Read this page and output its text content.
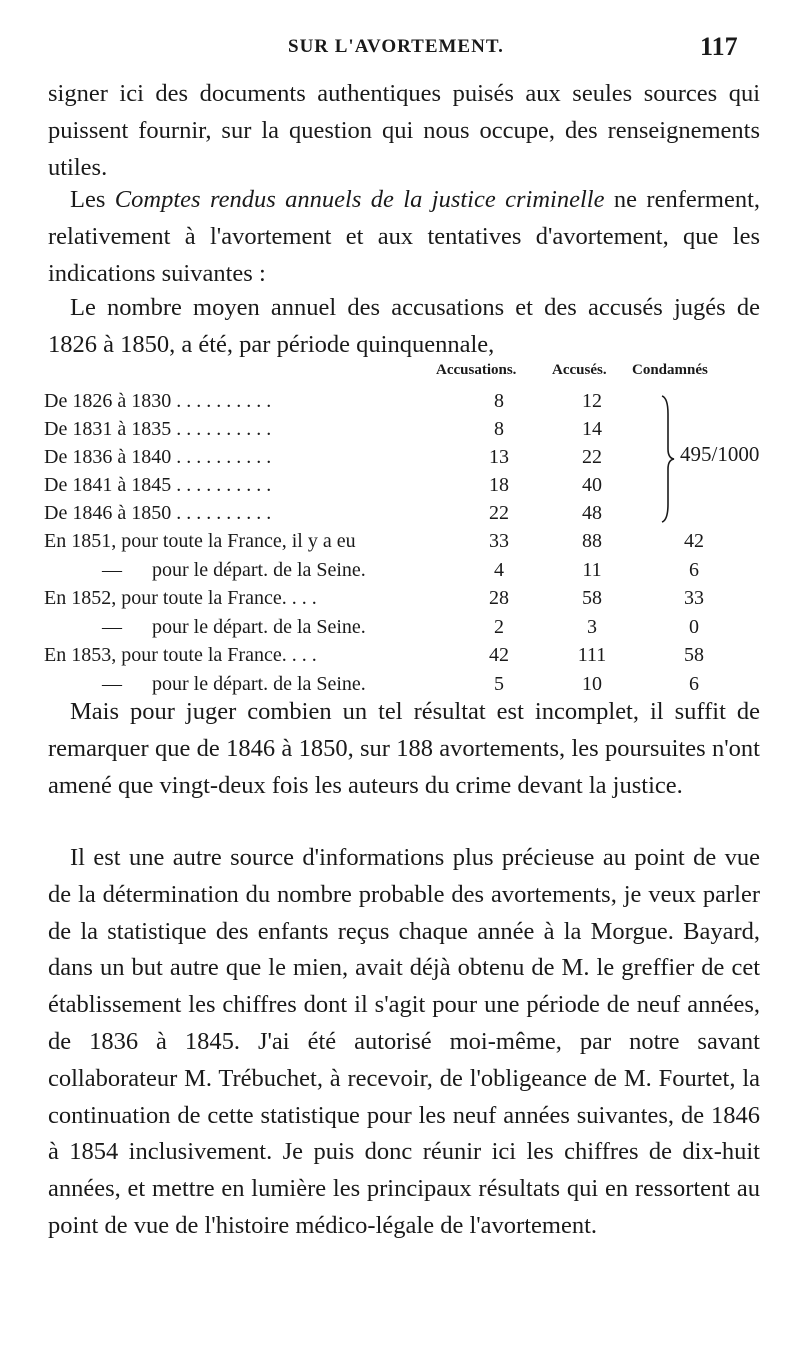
SUR L'AVORTEMENT.	117

signer ici des documents authentiques puisés aux seules sources qui puissent fournir, sur la question qui nous occupe, des renseignements utiles.

Les Comptes rendus annuels de la justice criminelle ne renferment, relativement à l'avortement et aux tentatives d'avortement, que les indications suivantes :

Le nombre moyen annuel des accusations et des accusés jugés de 1826 à 1850, a été, par période quinquennale,

Accusations. Accusés. Condamnés
De 1826 à 1830 . . . . . . . . . .	8	12
De 1831 à 1835 . . . . . . . . . .	8	14
De 1836 à 1840 . . . . . . . . . .	13	22
De 1841 à 1845 . . . . . . . . . .	18	40
De 1846 à 1850 . . . . . . . . . .	22	48
495/1000
En 1851, pour toute la France, il y a eu	33	88	42
— pour le départ. de la Seine.	4	11	6
En 1852, pour toute la France. . . .	28	58	33
— pour le départ. de la Seine.	2	3	0
En 1853, pour toute la France. . . .	42	111	58
— pour le départ. de la Seine.	5	10	6

Mais pour juger combien un tel résultat est incomplet, il suffit de remarquer que de 1846 à 1850, sur 188 avortements, les poursuites n'ont amené que vingt-deux fois les auteurs du crime devant la justice.

Il est une autre source d'informations plus précieuse au point de vue de la détermination du nombre probable des avortements, je veux parler de la statistique des enfants reçus chaque année à la Morgue. Bayard, dans un but autre que le mien, avait déjà obtenu de M. le greffier de cet établissement les chiffres dont il s'agit pour une période de neuf années, de 1836 à 1845. J'ai été autorisé moi-même, par notre savant collaborateur M. Trébuchet, à recevoir, de l'obligeance de M. Fourtet, la continuation de cette statistique pour les neuf années suivantes, de 1846 à 1854 inclusivement. Je puis donc réunir ici les chiffres de dix-huit années, et mettre en lumière les principaux résultats qui en ressortent au point de vue de l'histoire médico-légale de l'avortement.
